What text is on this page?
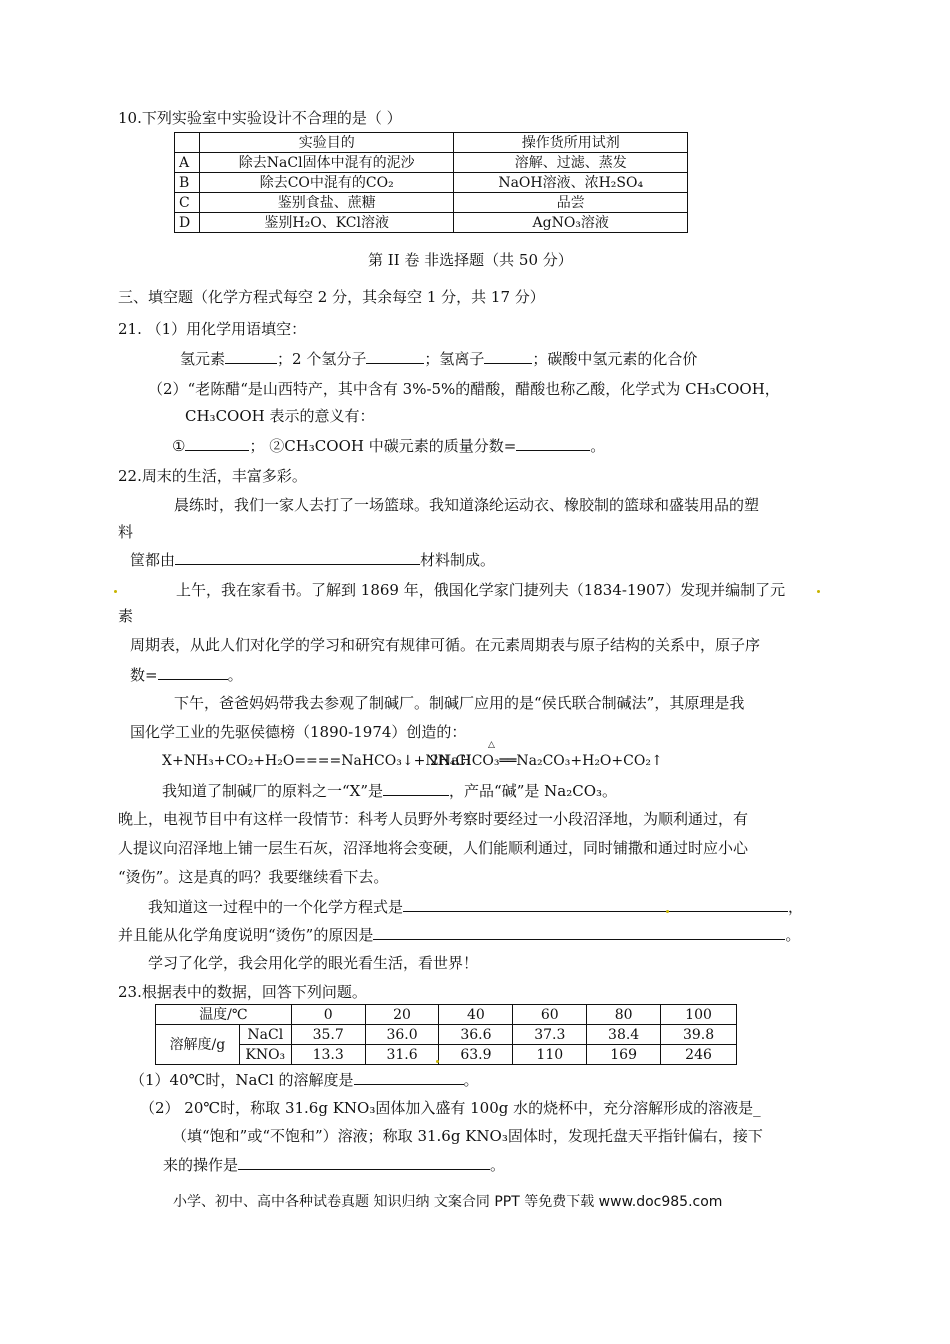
10.下列实验室中实验设计不合理的是（ ）
	实验目的	操作货所用试剂
A	除去NaCl固体中混有的泥沙	溶解、过滤、蒸发
B	除去CO中混有的CO₂	NaOH溶液、浓H₂SO₄
C	鉴别食盐、蔗糖	品尝
D	鉴别H₂O、KCl溶液	AgNO₃溶液
第 II 卷 非选择题（共 50 分）
三、填空题（化学方程式每空 2 分，其余每空 1 分，共 17 分）
21. （1）用化学用语填空：
氢元素	；2 个氢分子	；氢离子	；碳酸中氢元素的化合价
（2）“老陈醋“是山西特产，其中含有 3%-5%的醋酸，醋酸也称乙酸，化学式为 CH₃COOH，
CH₃COOH 表示的意义有：
①	； ②CH₃COOH 中碳元素的质量分数=	。
22.周末的生活，丰富多彩。
晨练时，我们一家人去打了一场篮球。我知道涤纶运动衣、橡胶制的篮球和盛装用品的塑
料
筐都由	材料制成。
上午，我在家看书。了解到 1869 年，俄国化学家门捷列夫（1834-1907）发现并编制了元
素
周期表，从此人们对化学的学习和研究有规律可循。在元素周期表与原子结构的关系中，原子序
数=	。
下午，爸爸妈妈带我去参观了制碱厂。制碱厂应用的是“侯氏联合制碱法”，其原理是我
国化学工业的先驱侯德榜（1890-1974）创造的：
X+NH₃+CO₂+H₂O====NaHCO₃↓+NH₄Cl
2NaHCO₃══Na₂CO₃+H₂O+CO₂↑
△
我知道了制碱厂的原料之一“X”是	，产品“碱”是 Na₂CO₃。
晚上，电视节目中有这样一段情节：科考人员野外考察时要经过一小段沼泽地，为顺利通过，有
人提议向沼泽地上铺一层生石灰，沼泽地将会变硬，人们能顺利通过，同时铺撒和通过时应小心
“烫伤”。这是真的吗？我要继续看下去。
我知道这一过程中的一个化学方程式是	，
并且能从化学角度说明“烫伤”的原因是	。
学习了化学，我会用化学的眼光看生活，看世界！
23.根据表中的数据，回答下列问题。
温度/℃		0	20	40	60	80	100
溶解度/g	NaCl	35.7	36.0	36.6	37.3	38.4	39.8
	KNO₃	13.3	31.6	63.9	110	169	246
（1）40℃时，NaCl 的溶解度是	。
（2） 20℃时，称取 31.6g KNO₃固体加入盛有 100g 水的烧杯中，充分溶解形成的溶液是_
（填“饱和”或“不饱和”）溶液；称取 31.6g KNO₃固体时，发现托盘天平指针偏右，接下
来的操作是	。
小学、初中、高中各种试卷真题 知识归纳 文案合同 PPT 等免费下载 www.doc985.com
